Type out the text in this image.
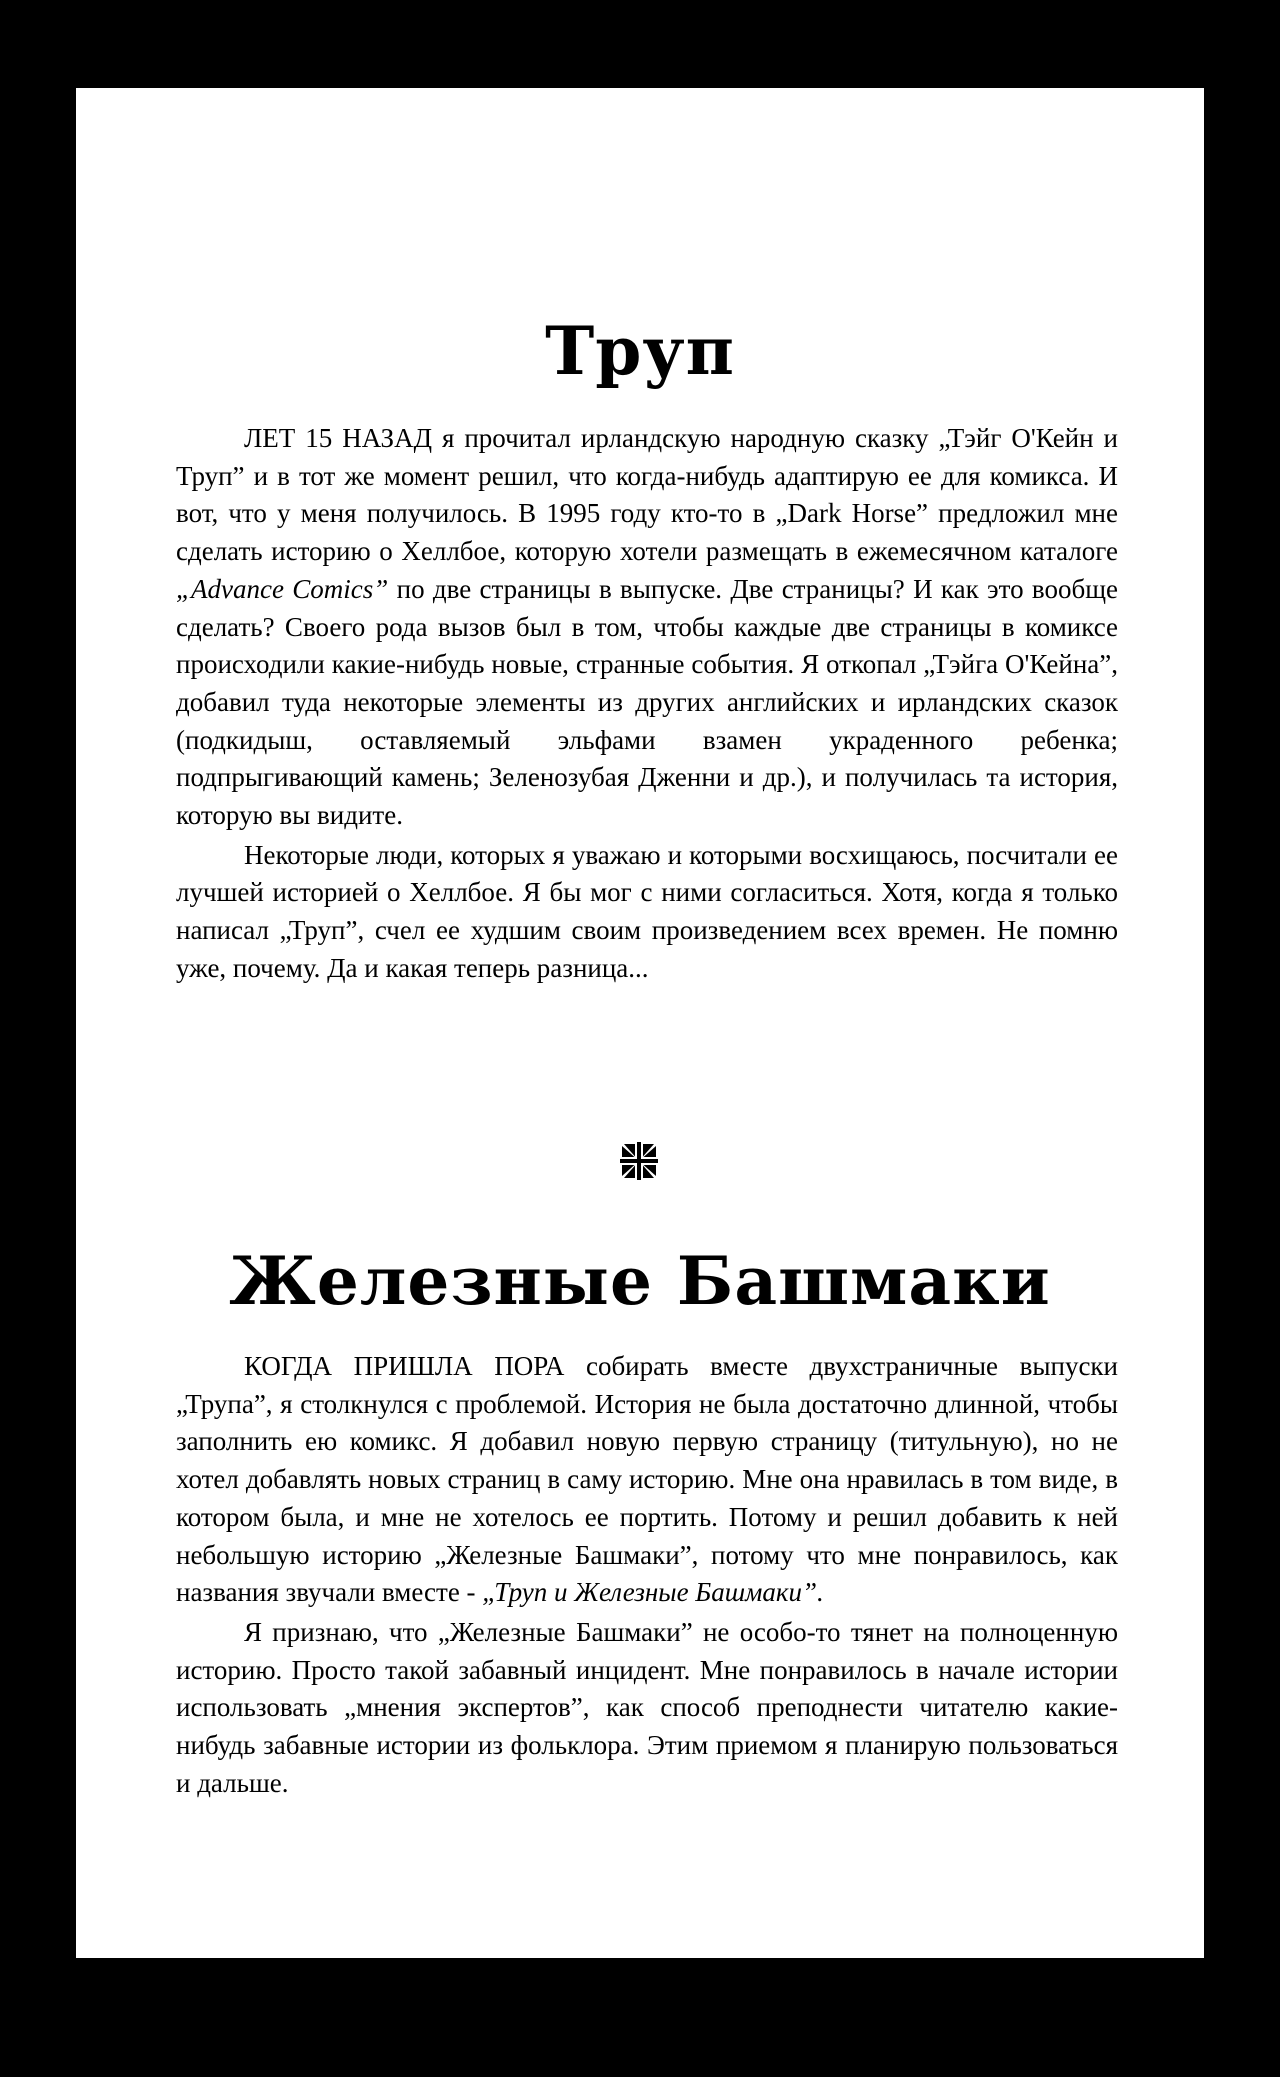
Труп

ЛЕТ 15 НАЗАД я прочитал ирландскую народную сказку „Тэйг О'Кейн и Труп” и в тот же момент решил, что когда-нибудь адаптирую ее для комикса. И вот, что у меня получилось. В 1995 году кто-то в „Dark Horse” предложил мне сделать историю о Хеллбое, которую хотели размещать в ежемесячном каталоге „Advance Comics” по две страницы в выпуске. Две страницы? И как это вообще сделать? Своего рода вызов был в том, чтобы каждые две страницы в комиксе происходили какие-нибудь новые, странные события. Я откопал „Тэйга О'Кейна”, добавил туда некоторые элементы из других английских и ирландских сказок (подкидыш, оставляемый эльфами взамен украденного ребенка; подпрыгивающий камень; Зеленозубая Дженни и др.), и получилась та история, которую вы видите.

Некоторые люди, которых я уважаю и которыми восхищаюсь, посчитали ее лучшей историей о Хеллбое. Я бы мог с ними согласиться. Хотя, когда я только написал „Труп”, счел ее худшим своим произведением всех времен. Не помню уже, почему. Да и какая теперь разница...

Железные Башмаки

КОГДА ПРИШЛА ПОРА собирать вместе двухстраничные выпуски „Трупа”, я столкнулся с проблемой. История не была достаточно длинной, чтобы заполнить ею комикс. Я добавил новую первую страницу (титульную), но не хотел добавлять новых страниц в саму историю. Мне она нравилась в том виде, в котором была, и мне не хотелось ее портить. Потому и решил добавить к ней небольшую историю „Железные Башмаки”, потому что мне понравилось, как названия звучали вместе - „Труп и Железные Башмаки”.

Я признаю, что „Железные Башмаки” не особо-то тянет на полноценную историю. Просто такой забавный инцидент. Мне понравилось в начале истории использовать „мнения экспертов”, как способ преподнести читателю какие-нибудь забавные истории из фольклора. Этим приемом я планирую пользоваться и дальше.
